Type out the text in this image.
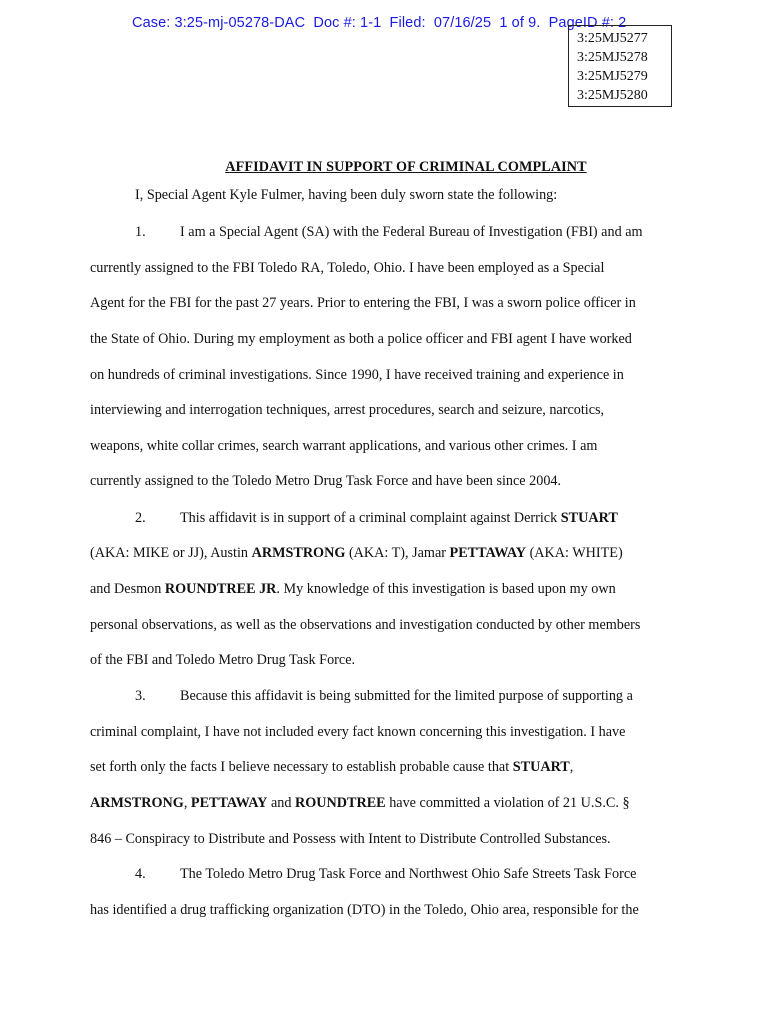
Case: 3:25-mj-05278-DAC  Doc #: 1-1  Filed:  07/16/25  1 of 9.  PageID #: 2
3:25MJ5277
3:25MJ5278
3:25MJ5279
3:25MJ5280
AFFIDAVIT IN SUPPORT OF CRIMINAL COMPLAINT
I, Special Agent Kyle Fulmer, having been duly sworn state the following:
1. I am a Special Agent (SA) with the Federal Bureau of Investigation (FBI) and am
currently assigned to the FBI Toledo RA, Toledo, Ohio. I have been employed as a Special
Agent for the FBI for the past 27 years. Prior to entering the FBI, I was a sworn police officer in
the State of Ohio. During my employment as both a police officer and FBI agent I have worked
on hundreds of criminal investigations. Since 1990, I have received training and experience in
interviewing and interrogation techniques, arrest procedures, search and seizure, narcotics,
weapons, white collar crimes, search warrant applications, and various other crimes. I am
currently assigned to the Toledo Metro Drug Task Force and have been since 2004.
2. This affidavit is in support of a criminal complaint against Derrick STUART
(AKA: MIKE or JJ), Austin ARMSTRONG (AKA: T), Jamar PETTAWAY (AKA: WHITE)
and Desmon ROUNDTREE JR. My knowledge of this investigation is based upon my own
personal observations, as well as the observations and investigation conducted by other members
of the FBI and Toledo Metro Drug Task Force.
3. Because this affidavit is being submitted for the limited purpose of supporting a
criminal complaint, I have not included every fact known concerning this investigation. I have
set forth only the facts I believe necessary to establish probable cause that STUART,
ARMSTRONG, PETTAWAY and ROUNDTREE have committed a violation of 21 U.S.C. §
846 – Conspiracy to Distribute and Possess with Intent to Distribute Controlled Substances.
4. The Toledo Metro Drug Task Force and Northwest Ohio Safe Streets Task Force
has identified a drug trafficking organization (DTO) in the Toledo, Ohio area, responsible for the
